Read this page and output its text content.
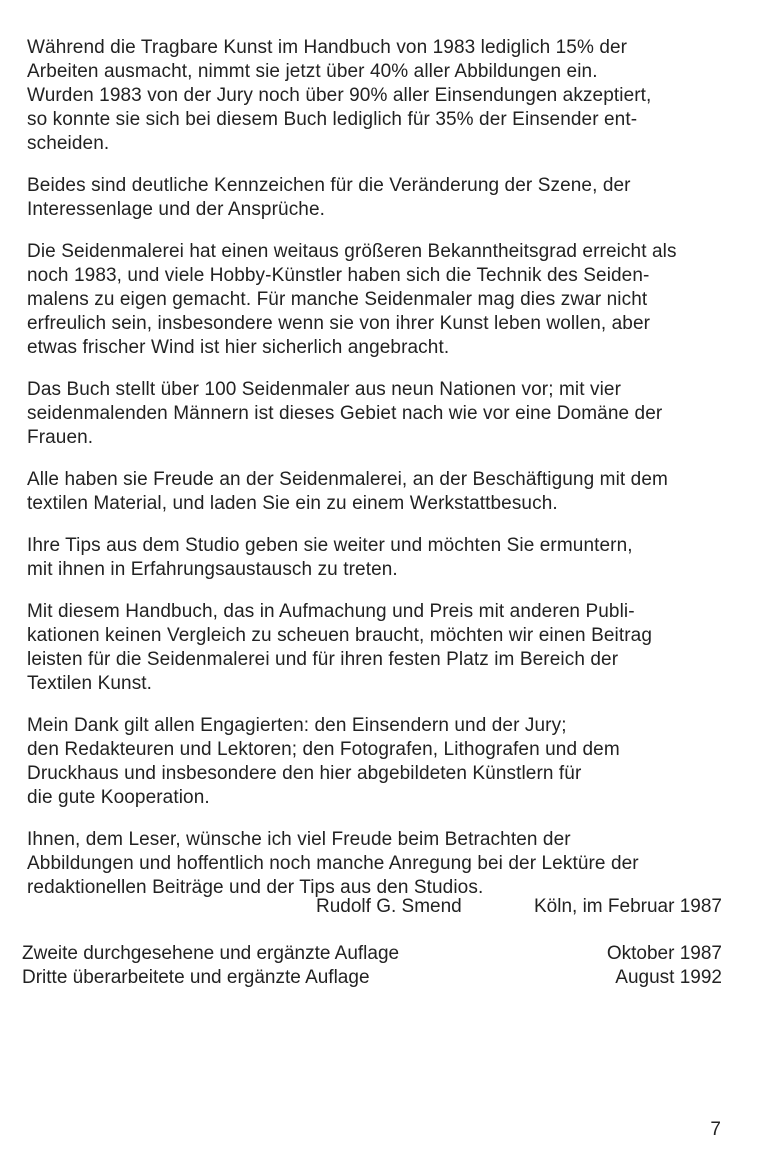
Während die Tragbare Kunst im Handbuch von 1983 lediglich 15% der
Arbeiten ausmacht, nimmt sie jetzt über 40% aller Abbildungen ein.
Wurden 1983 von der Jury noch über 90% aller Einsendungen akzeptiert,
so konnte sie sich bei diesem Buch lediglich für 35% der Einsender ent-
scheiden.

Beides sind deutliche Kennzeichen für die Veränderung der Szene, der
Interessenlage und der Ansprüche.

Die Seidenmalerei hat einen weitaus größeren Bekanntheitsgrad erreicht als
noch 1983, und viele Hobby-Künstler haben sich die Technik des Seiden-
malens zu eigen gemacht. Für manche Seidenmaler mag dies zwar nicht
erfreulich sein, insbesondere wenn sie von ihrer Kunst leben wollen, aber
etwas frischer Wind ist hier sicherlich angebracht.

Das Buch stellt über 100 Seidenmaler aus neun Nationen vor; mit vier
seidenmalenden Männern ist dieses Gebiet nach wie vor eine Domäne der
Frauen.

Alle haben sie Freude an der Seidenmalerei, an der Beschäftigung mit dem
textilen Material, und laden Sie ein zu einem Werkstattbesuch.

Ihre Tips aus dem Studio geben sie weiter und möchten Sie ermuntern,
mit ihnen in Erfahrungsaustausch zu treten.

Mit diesem Handbuch, das in Aufmachung und Preis mit anderen Publi-
kationen keinen Vergleich zu scheuen braucht, möchten wir einen Beitrag
leisten für die Seidenmalerei und für ihren festen Platz im Bereich der
Textilen Kunst.

Mein Dank gilt allen Engagierten: den Einsendern und der Jury;
den Redakteuren und Lektoren; den Fotografen, Lithografen und dem
Druckhaus und insbesondere den hier abgebildeten Künstlern für
die gute Kooperation.

Ihnen, dem Leser, wünsche ich viel Freude beim Betrachten der
Abbildungen und hoffentlich noch manche Anregung bei der Lektüre der
redaktionellen Beiträge und der Tips aus den Studios.

Rudolf G. Smend	Köln, im Februar 1987
Zweite durchgesehene und ergänzte Auflage	Oktober 1987
Dritte überarbeitete und ergänzte Auflage	August 1992
7
